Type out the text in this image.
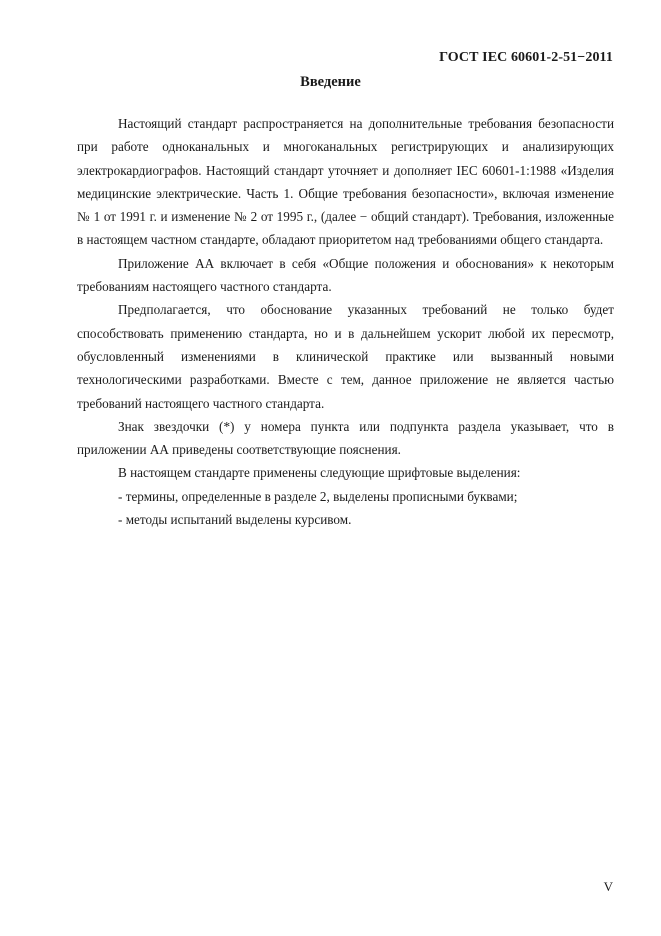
ГОСТ IEC 60601-2-51−2011
Введение

Настоящий стандарт распространяется на дополнительные требования безопасности при работе одноканальных и многоканальных регистрирующих и анализирующих электрокардиографов. Настоящий стандарт уточняет и дополняет IEC 60601-1:1988 «Изделия медицинские электрические. Часть 1. Общие требования безопасности», включая изменение № 1 от 1991 г. и изменение № 2 от 1995 г., (далее − общий стандарт). Требования, изложенные в настоящем частном стандарте, обладают приоритетом над требованиями общего стандарта.

Приложение АА включает в себя «Общие положения и обоснования» к некоторым требованиям настоящего частного стандарта.

Предполагается, что обоснование указанных требований не только будет способствовать применению стандарта, но и в дальнейшем ускорит любой их пересмотр, обусловленный изменениями в клинической практике или вызванный новыми технологическими разработками. Вместе с тем, данное приложение не является частью требований настоящего частного стандарта.

Знак звездочки (*) у номера пункта или подпункта раздела указывает, что в приложении АА приведены соответствующие пояснения.

В настоящем стандарте применены следующие шрифтовые выделения:

- термины, определенные в разделе 2, выделены прописными буквами;

- методы испытаний выделены курсивом.

V
